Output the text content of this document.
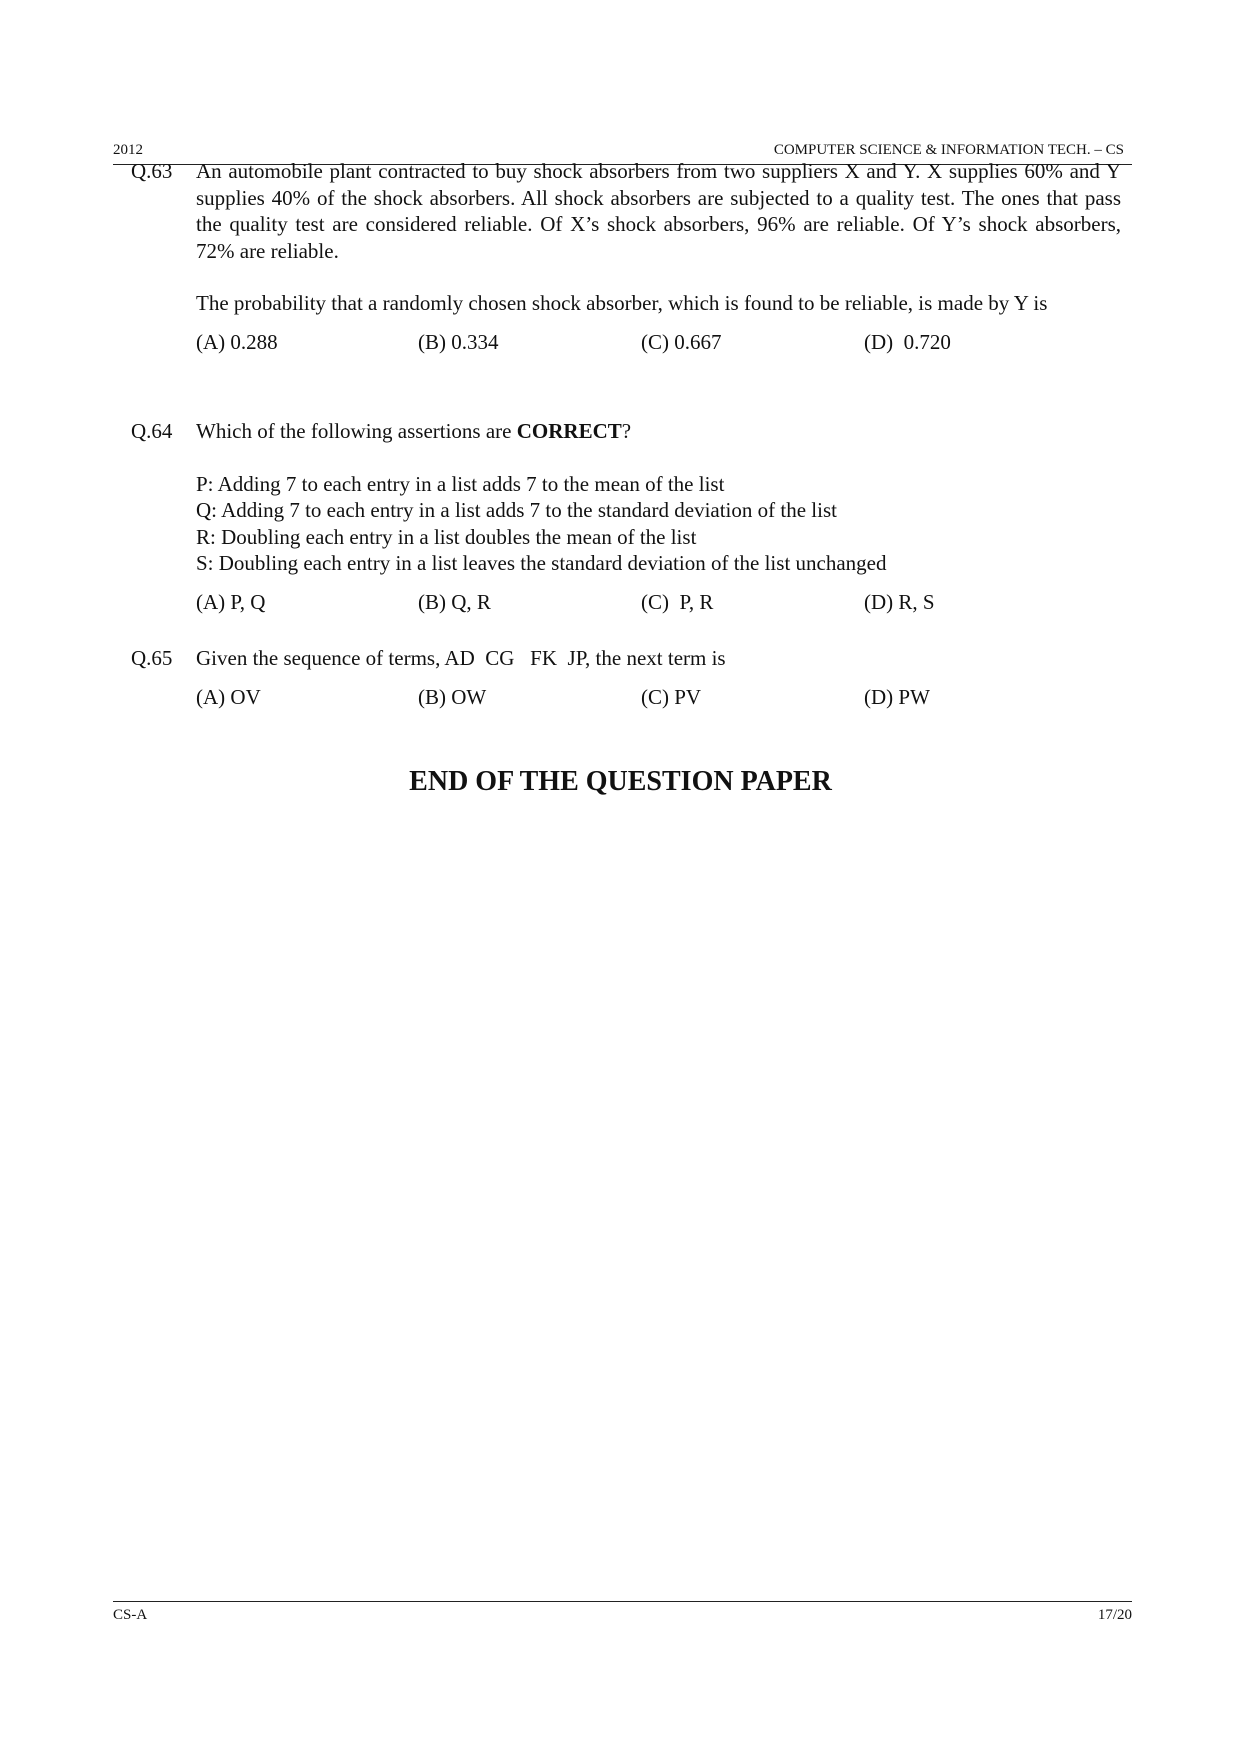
2012	COMPUTER SCIENCE & INFORMATION TECH. – CS
Q.63 An automobile plant contracted to buy shock absorbers from two suppliers X and Y. X supplies 60% and Y supplies 40% of the shock absorbers. All shock absorbers are subjected to a quality test. The ones that pass the quality test are considered reliable. Of X’s shock absorbers, 96% are reliable. Of Y’s shock absorbers, 72% are reliable.

The probability that a randomly chosen shock absorber, which is found to be reliable, is made by Y is

(A) 0.288	(B) 0.334	(C) 0.667	(D)  0.720
Q.64 Which of the following assertions are CORRECT?

P: Adding 7 to each entry in a list adds 7 to the mean of the list

Q: Adding 7 to each entry in a list adds 7 to the standard deviation of the list

R: Doubling each entry in a list doubles the mean of the list

S: Doubling each entry in a list leaves the standard deviation of the list unchanged

(A) P, Q	(B) Q, R	(C)  P, R	(D) R, S
Q.65 Given the sequence of terms, AD  CG   FK  JP, the next term is

(A) OV	(B) OW	(C) PV	(D) PW
END OF THE QUESTION PAPER
CS-A	17/20
